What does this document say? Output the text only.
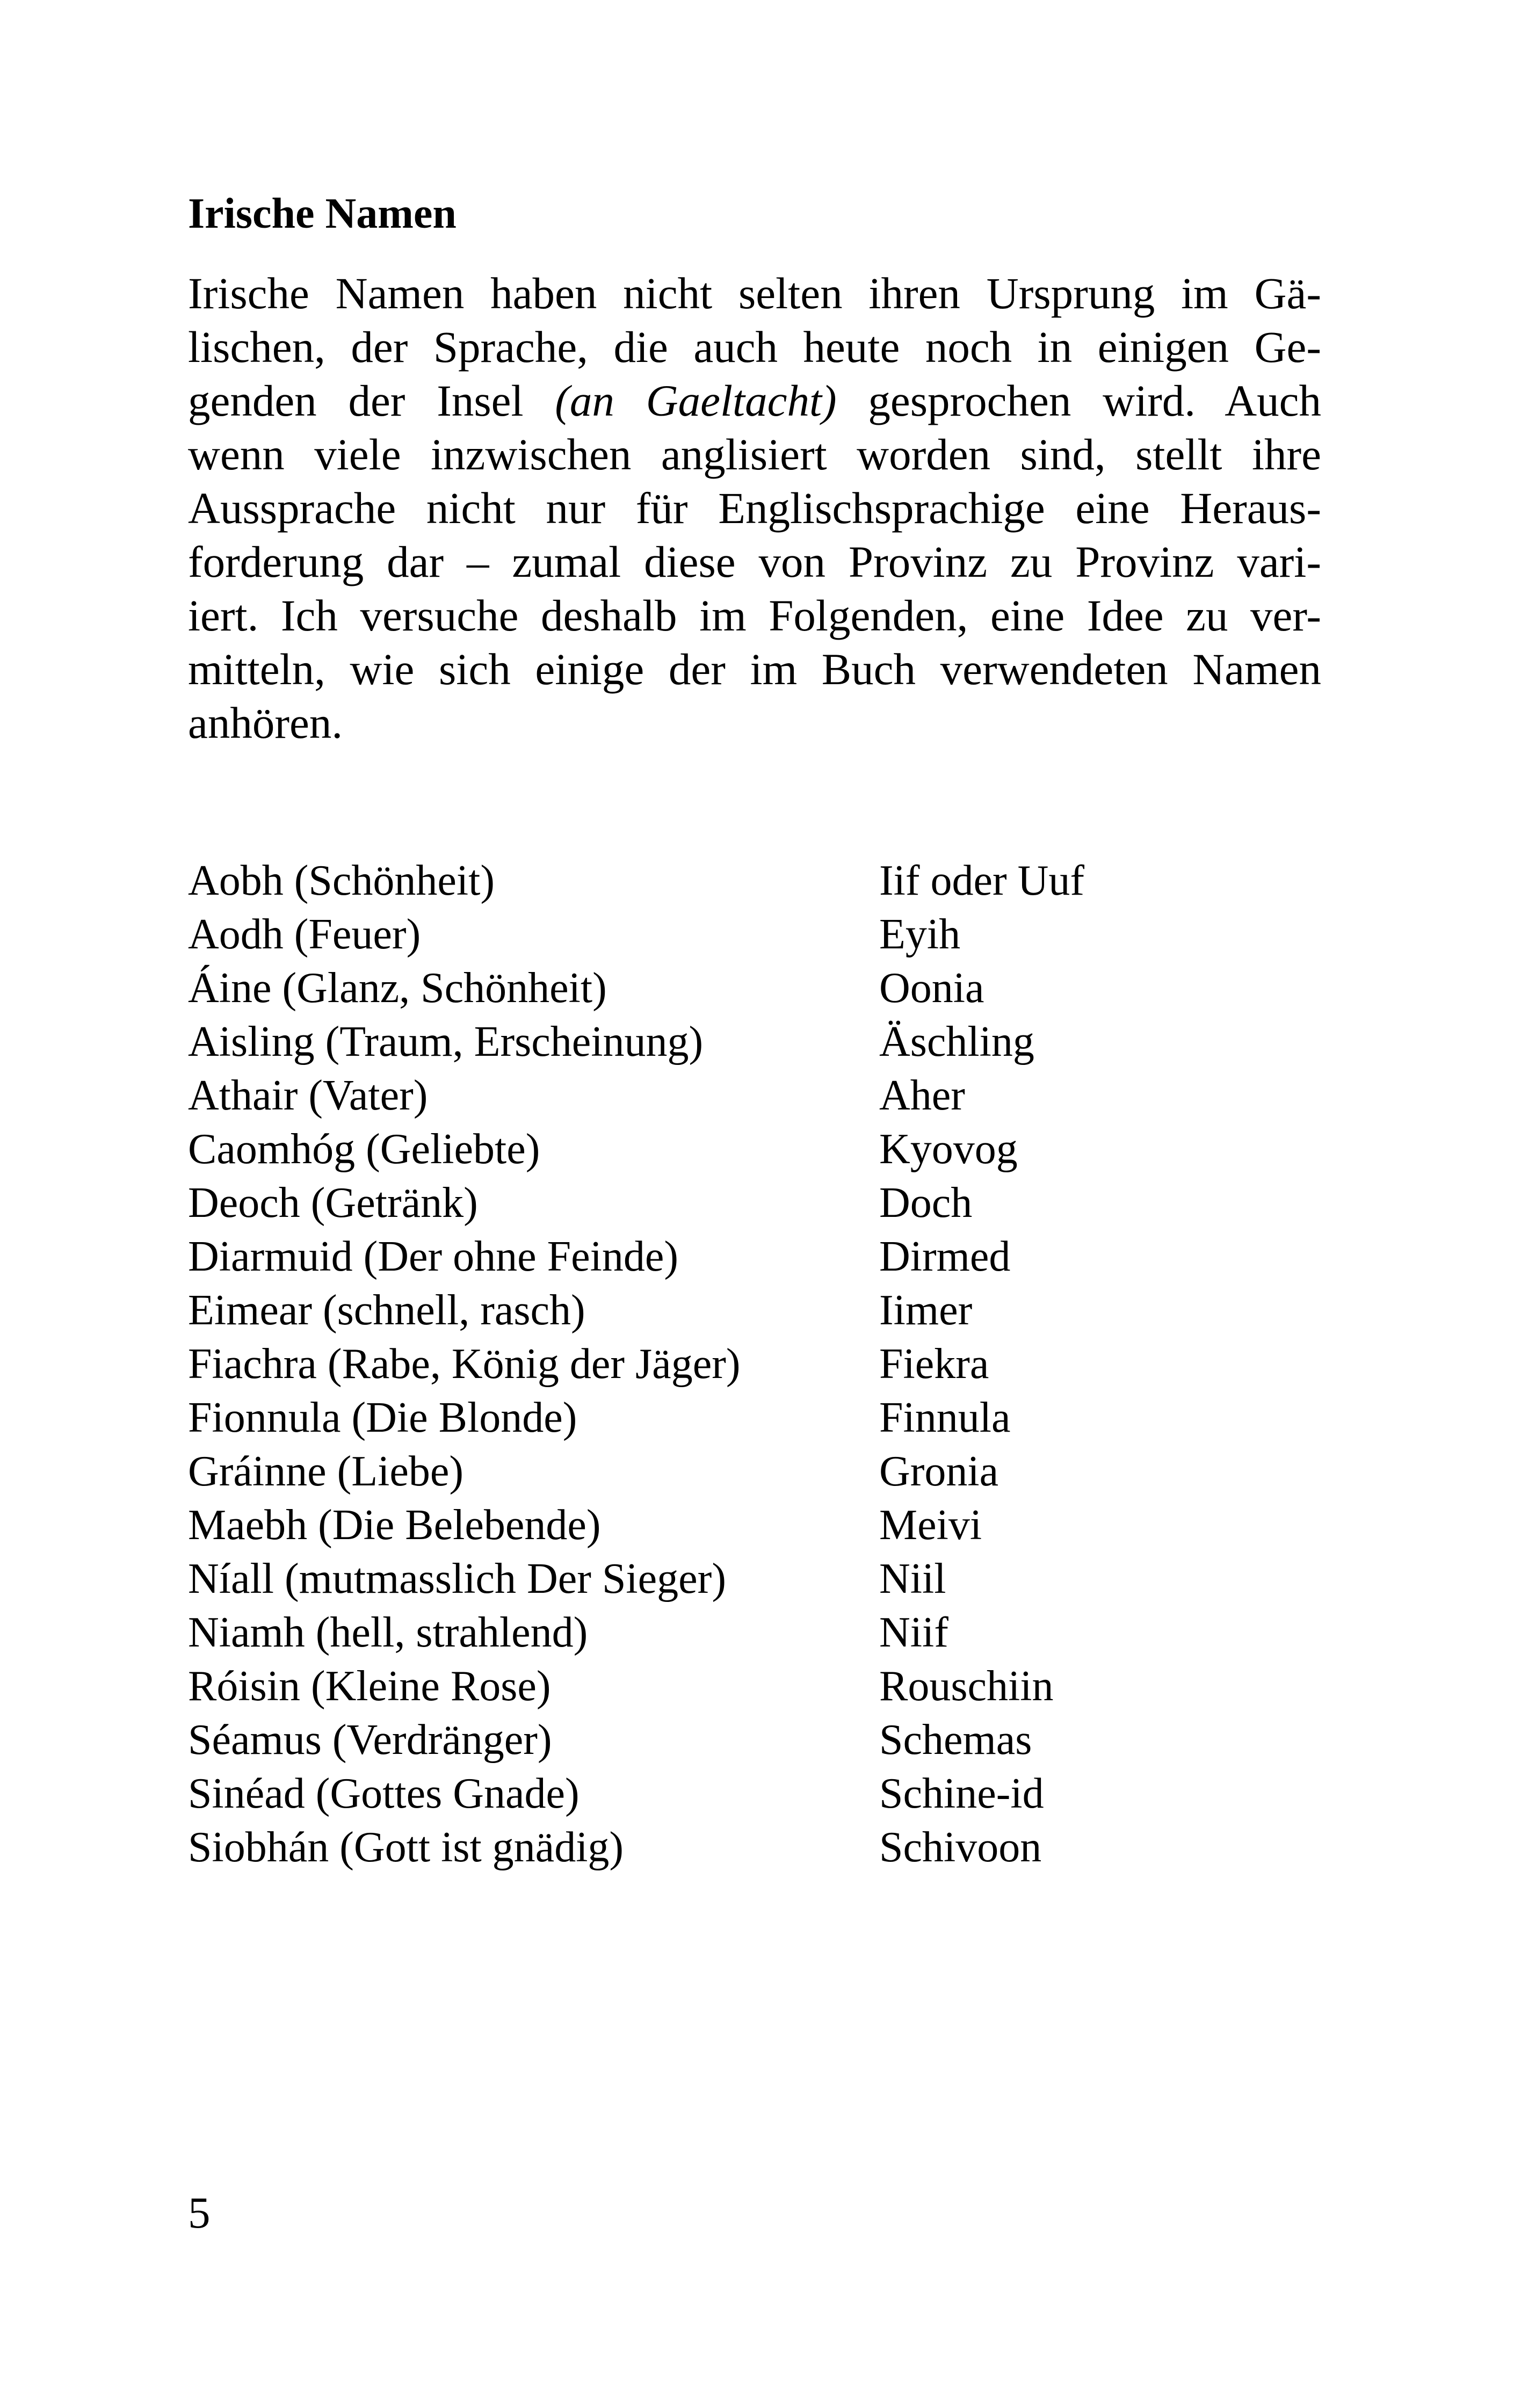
Irische Namen
Irische Namen haben nicht selten ihren Ursprung im Gä-
lischen, der Sprache, die auch heute noch in einigen Ge-
genden der Insel (an Gaeltacht) gesprochen wird. Auch
wenn viele inzwischen anglisiert worden sind, stellt ihre
Aussprache nicht nur für Englischsprachige eine Heraus-
forderung dar – zumal diese von Provinz zu Provinz vari-
iert. Ich versuche deshalb im Folgenden, eine Idee zu ver-
mitteln, wie sich einige der im Buch verwendeten Namen
anhören.
Aobh (Schönheit)	Iif oder Uuf
Aodh (Feuer)	Eyih
Áine (Glanz, Schönheit)	Oonia
Aisling (Traum, Erscheinung)	Äschling
Athair (Vater)	Aher
Caomhóg (Geliebte)	Kyovog
Deoch (Getränk)	Doch
Diarmuid (Der ohne Feinde)	Dirmed
Eimear (schnell, rasch)	Iimer
Fiachra (Rabe, König der Jäger)	Fiekra
Fionnula (Die Blonde)	Finnula
Gráinne (Liebe)	Gronia
Maebh (Die Belebende)	Meivi
Níall (mutmasslich Der Sieger)	Niil
Niamh (hell, strahlend)	Niif
Róisin (Kleine Rose)	Rouschiin
Séamus (Verdränger)	Schemas
Sinéad (Gottes Gnade)	Schine-id
Siobhán (Gott ist gnädig)	Schivoon
5
